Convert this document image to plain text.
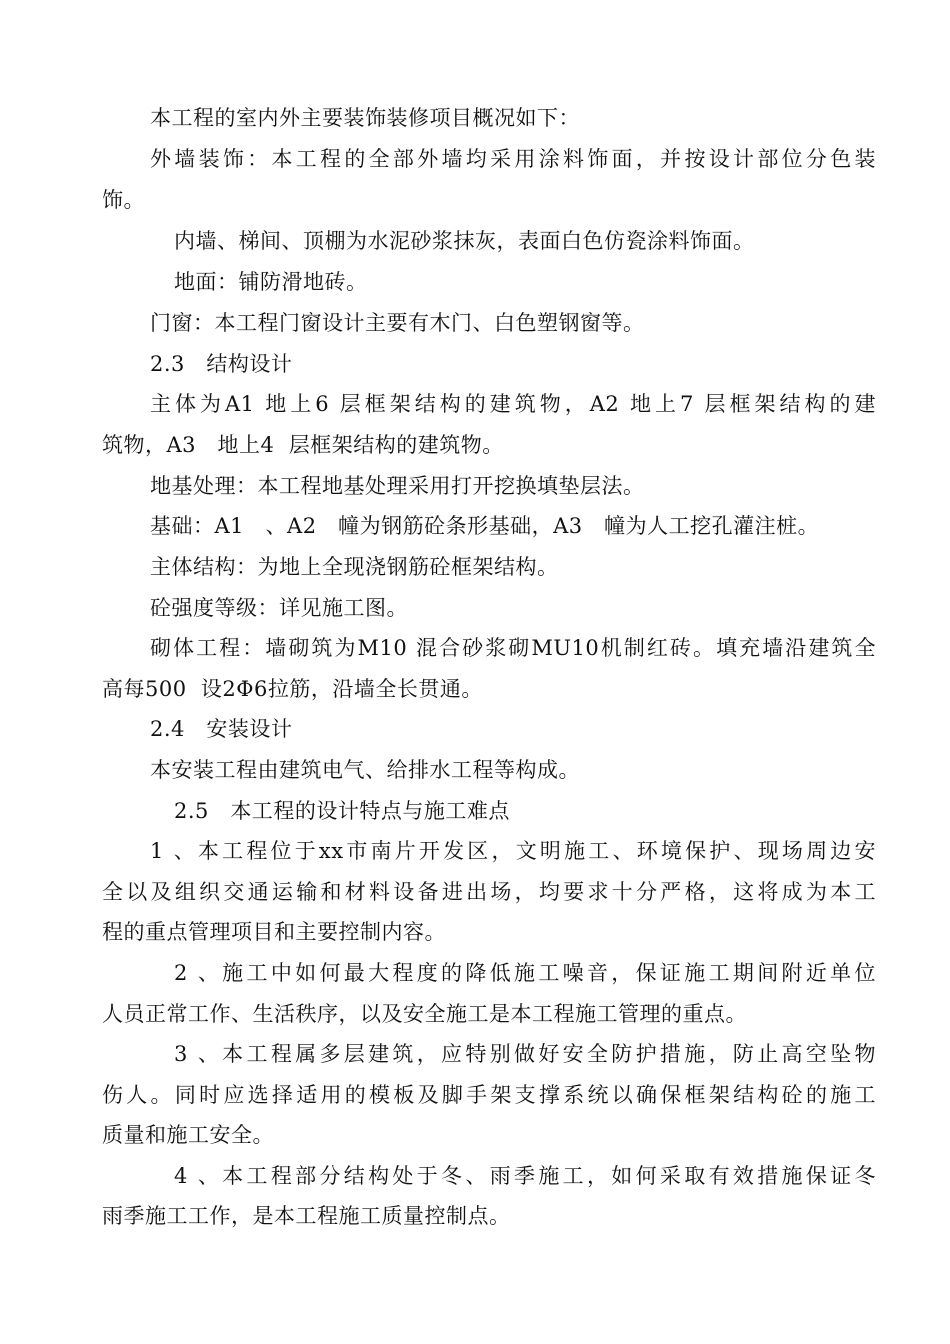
本工程的室内外主要装饰装修项目概况如下：
外墙装饰：本工程的全部外墙均采用涂料饰面，并按设计部位分色装
饰。
内墙、梯间、顶棚为水泥砂浆抹灰，表面白色仿瓷涂料饰面。
地面：铺防滑地砖。
门窗：本工程门窗设计主要有木门、白色塑钢窗等。
2.3   结构设计
主体为A1 地上6 层框架结构的建筑物，A2 地上7 层框架结构的建
筑物，A3   地上4  层框架结构的建筑物。
地基处理：本工程地基处理采用打开挖换填垫层法。
基础：A1   、A2   幢为钢筋砼条形基础，A3   幢为人工挖孔灌注桩。
主体结构：为地上全现浇钢筋砼框架结构。
砼强度等级：详见施工图。
砌体工程：墙砌筑为M10 混合砂浆砌MU10机制红砖。填充墙沿建筑全
高每500  设2Φ6拉筋，沿墙全长贯通。
2.4   安装设计
本安装工程由建筑电气、给排水工程等构成。
2.5   本工程的设计特点与施工难点
1 、本工程位于xx市南片开发区，文明施工、环境保护、现场周边安
全以及组织交通运输和材料设备进出场，均要求十分严格，这将成为本工
程的重点管理项目和主要控制内容。
2 、施工中如何最大程度的降低施工噪音，保证施工期间附近单位
人员正常工作、生活秩序，以及安全施工是本工程施工管理的重点。
3 、本工程属多层建筑，应特别做好安全防护措施，防止高空坠物
伤人。同时应选择适用的模板及脚手架支撑系统以确保框架结构砼的施工
质量和施工安全。
4 、本工程部分结构处于冬、雨季施工，如何采取有效措施保证冬
雨季施工工作，是本工程施工质量控制点。
